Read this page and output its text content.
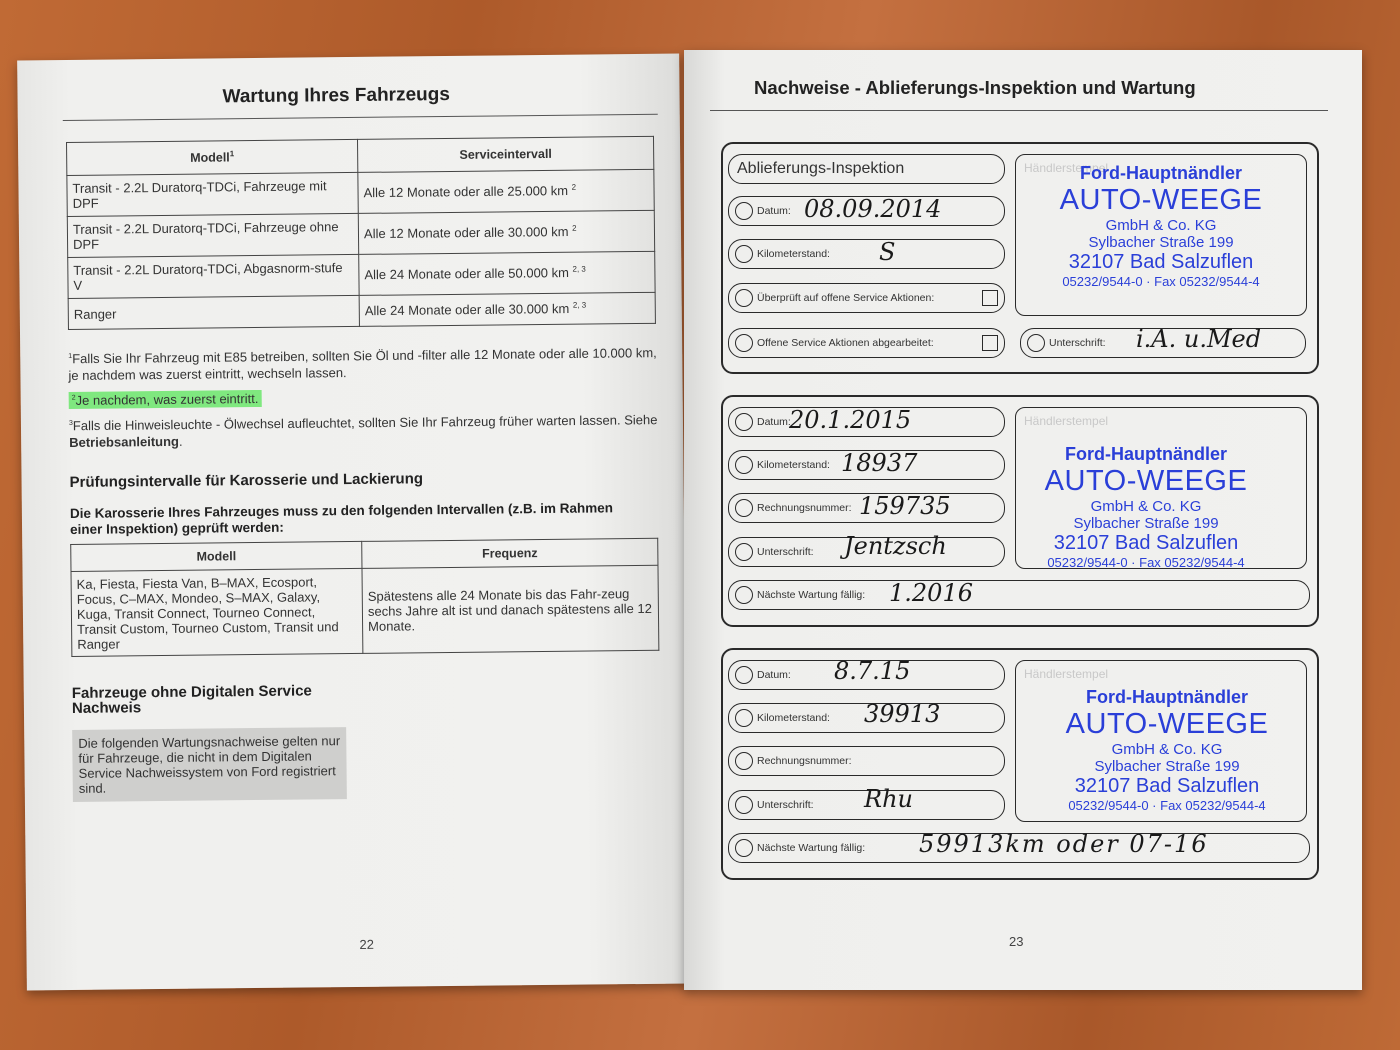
Wartung Ihres Fahrzeugs
Modell$^1$	Serviceintervall
Transit - 2.2L Duratorq-TDCi, Fahrzeuge mit DPF	Alle 12 Monate oder alle 25.000 km $^2$
Transit - 2.2L Duratorq-TDCi, Fahrzeuge ohne DPF	Alle 12 Monate oder alle 30.000 km $^2$
Transit - 2.2L Duratorq-TDCi, Abgasnorm-stufe V	Alle 24 Monate oder alle 50.000 km $^{2, 3}$
Ranger	Alle 24 Monate oder alle 30.000 km $^{2, 3}$
$^1$Falls Sie Ihr Fahrzeug mit E85 betreiben, sollten Sie Öl und -filter alle 12 Monate oder alle 10.000 km, je nachdem was zuerst eintritt, wechseln lassen.
$^2$Je nachdem, was zuerst eintritt.
$^3$Falls die Hinweisleuchte - Ölwechsel aufleuchtet, sollten Sie Ihr Fahrzeug früher warten lassen. Siehe Betriebsanleitung.
Prüfungsintervalle für Karosserie und Lackierung
Die Karosserie Ihres Fahrzeuges muss zu den folgenden Intervallen (z.B. im Rahmen einer Inspektion) geprüft werden:
Modell	Frequenz
Ka, Fiesta, Fiesta Van, B–MAX, Ecosport, Focus, C–MAX, Mondeo, S–MAX, Galaxy, Kuga, Transit Connect, Tourneo Connect, Transit Custom, Tourneo Custom, Transit und Ranger	Spätestens alle 24 Monate bis das Fahr-zeug sechs Jahre alt ist und danach spätestens alle 12 Monate.
Fahrzeuge ohne Digitalen Service Nachweis
Die folgenden Wartungsnachweise gelten nur für Fahrzeuge, die nicht in dem Digitalen Service Nachweissystem von Ford registriert sind.
22
Nachweise - Ablieferungs-Inspektion und Wartung
Ablieferungs-Inspektion
Datum: 08.09.2014
Kilometerstand: S
Überprüft auf offene Service Aktionen:
Offene Service Aktionen abgearbeitet:
Händlerstempel
Ford-Hauptnändler
AUTO-WEEGE
GmbH & Co. KG
Sylbacher Straße 199
32107 Bad Salzuflen
05232/9544-0 · Fax 05232/9544-4
Unterschrift: i.A. u.Med
Datum:
20.1.2015
Kilometerstand: 18937
Rechnungsnummer: 159735
Unterschrift: Jentzsch
Händlerstempel
Ford-Hauptnändler
AUTO-WEEGE
GmbH & Co. KG
Sylbacher Straße 199
32107 Bad Salzuflen
05232/9544-0 · Fax 05232/9544-4
Nächste Wartung fällig: 1.2016
Datum: 8.7.15
Kilometerstand: 39913
Rechnungsnummer:
Unterschrift: Rhu
Händlerstempel
Ford-Hauptnändler
AUTO-WEEGE
GmbH & Co. KG
Sylbacher Straße 199
32107 Bad Salzuflen
05232/9544-0 · Fax 05232/9544-4
Nächste Wartung fällig: 59913km oder 07-16
23
